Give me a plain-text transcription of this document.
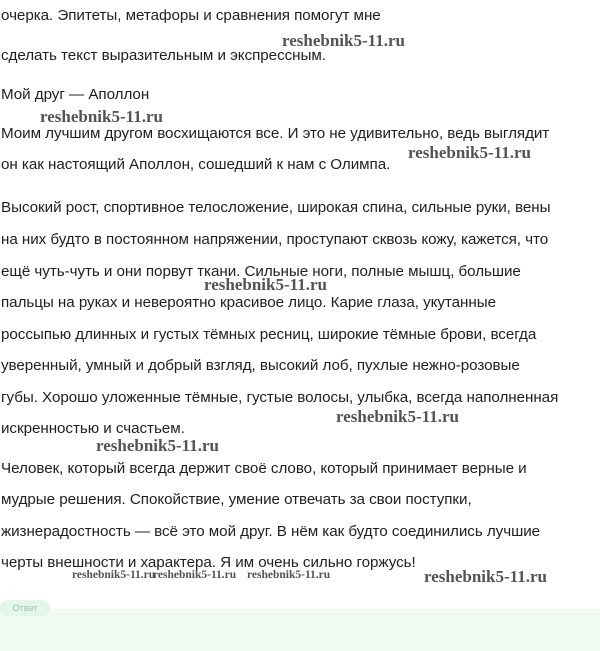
очерка. Эпитеты, метафоры и сравнения помогут мне
сделать текст выразительным и экспрессным.
Мой друг — Аполлон
Моим лучшим другом восхищаются все. И это не удивительно, ведь выглядит
он как настоящий Аполлон, сошедший к нам с Олимпа.
Высокий рост, спортивное телосложение, широкая спина, сильные руки, вены
на них будто в постоянном напряжении, проступают сквозь кожу, кажется, что
ещё чуть-чуть и они порвут ткани. Сильные ноги, полные мышц, большие
пальцы на руках и невероятно красивое лицо. Карие глаза, укутанные
россыпью длинных и густых тёмных ресниц, широкие тёмные брови, всегда
уверенный, умный и добрый взгляд, высокий лоб, пухлые нежно-розовые
губы. Хорошо уложенные тёмные, густые волосы, улыбка, всегда наполненная
искренностью и счастьем.
Человек, который всегда держит своё слово, который принимает верные и
мудрые решения. Спокойствие, умение отвечать за свои поступки,
жизнерадостность — всё это мой друг. В нём как будто соединились лучшие
черты внешности и характера. Я им очень сильно горжусь!
reshebnik5-11.ru
reshebnik5-11.ru
reshebnik5-11.ru
reshebnik5-11.ru
reshebnik5-11.ru
reshebnik5-11.ru
reshebnik5-11.ru
reshebnik5-11.ru reshebnik5-11.ru	reshebnik5-11.ru
Ответ
